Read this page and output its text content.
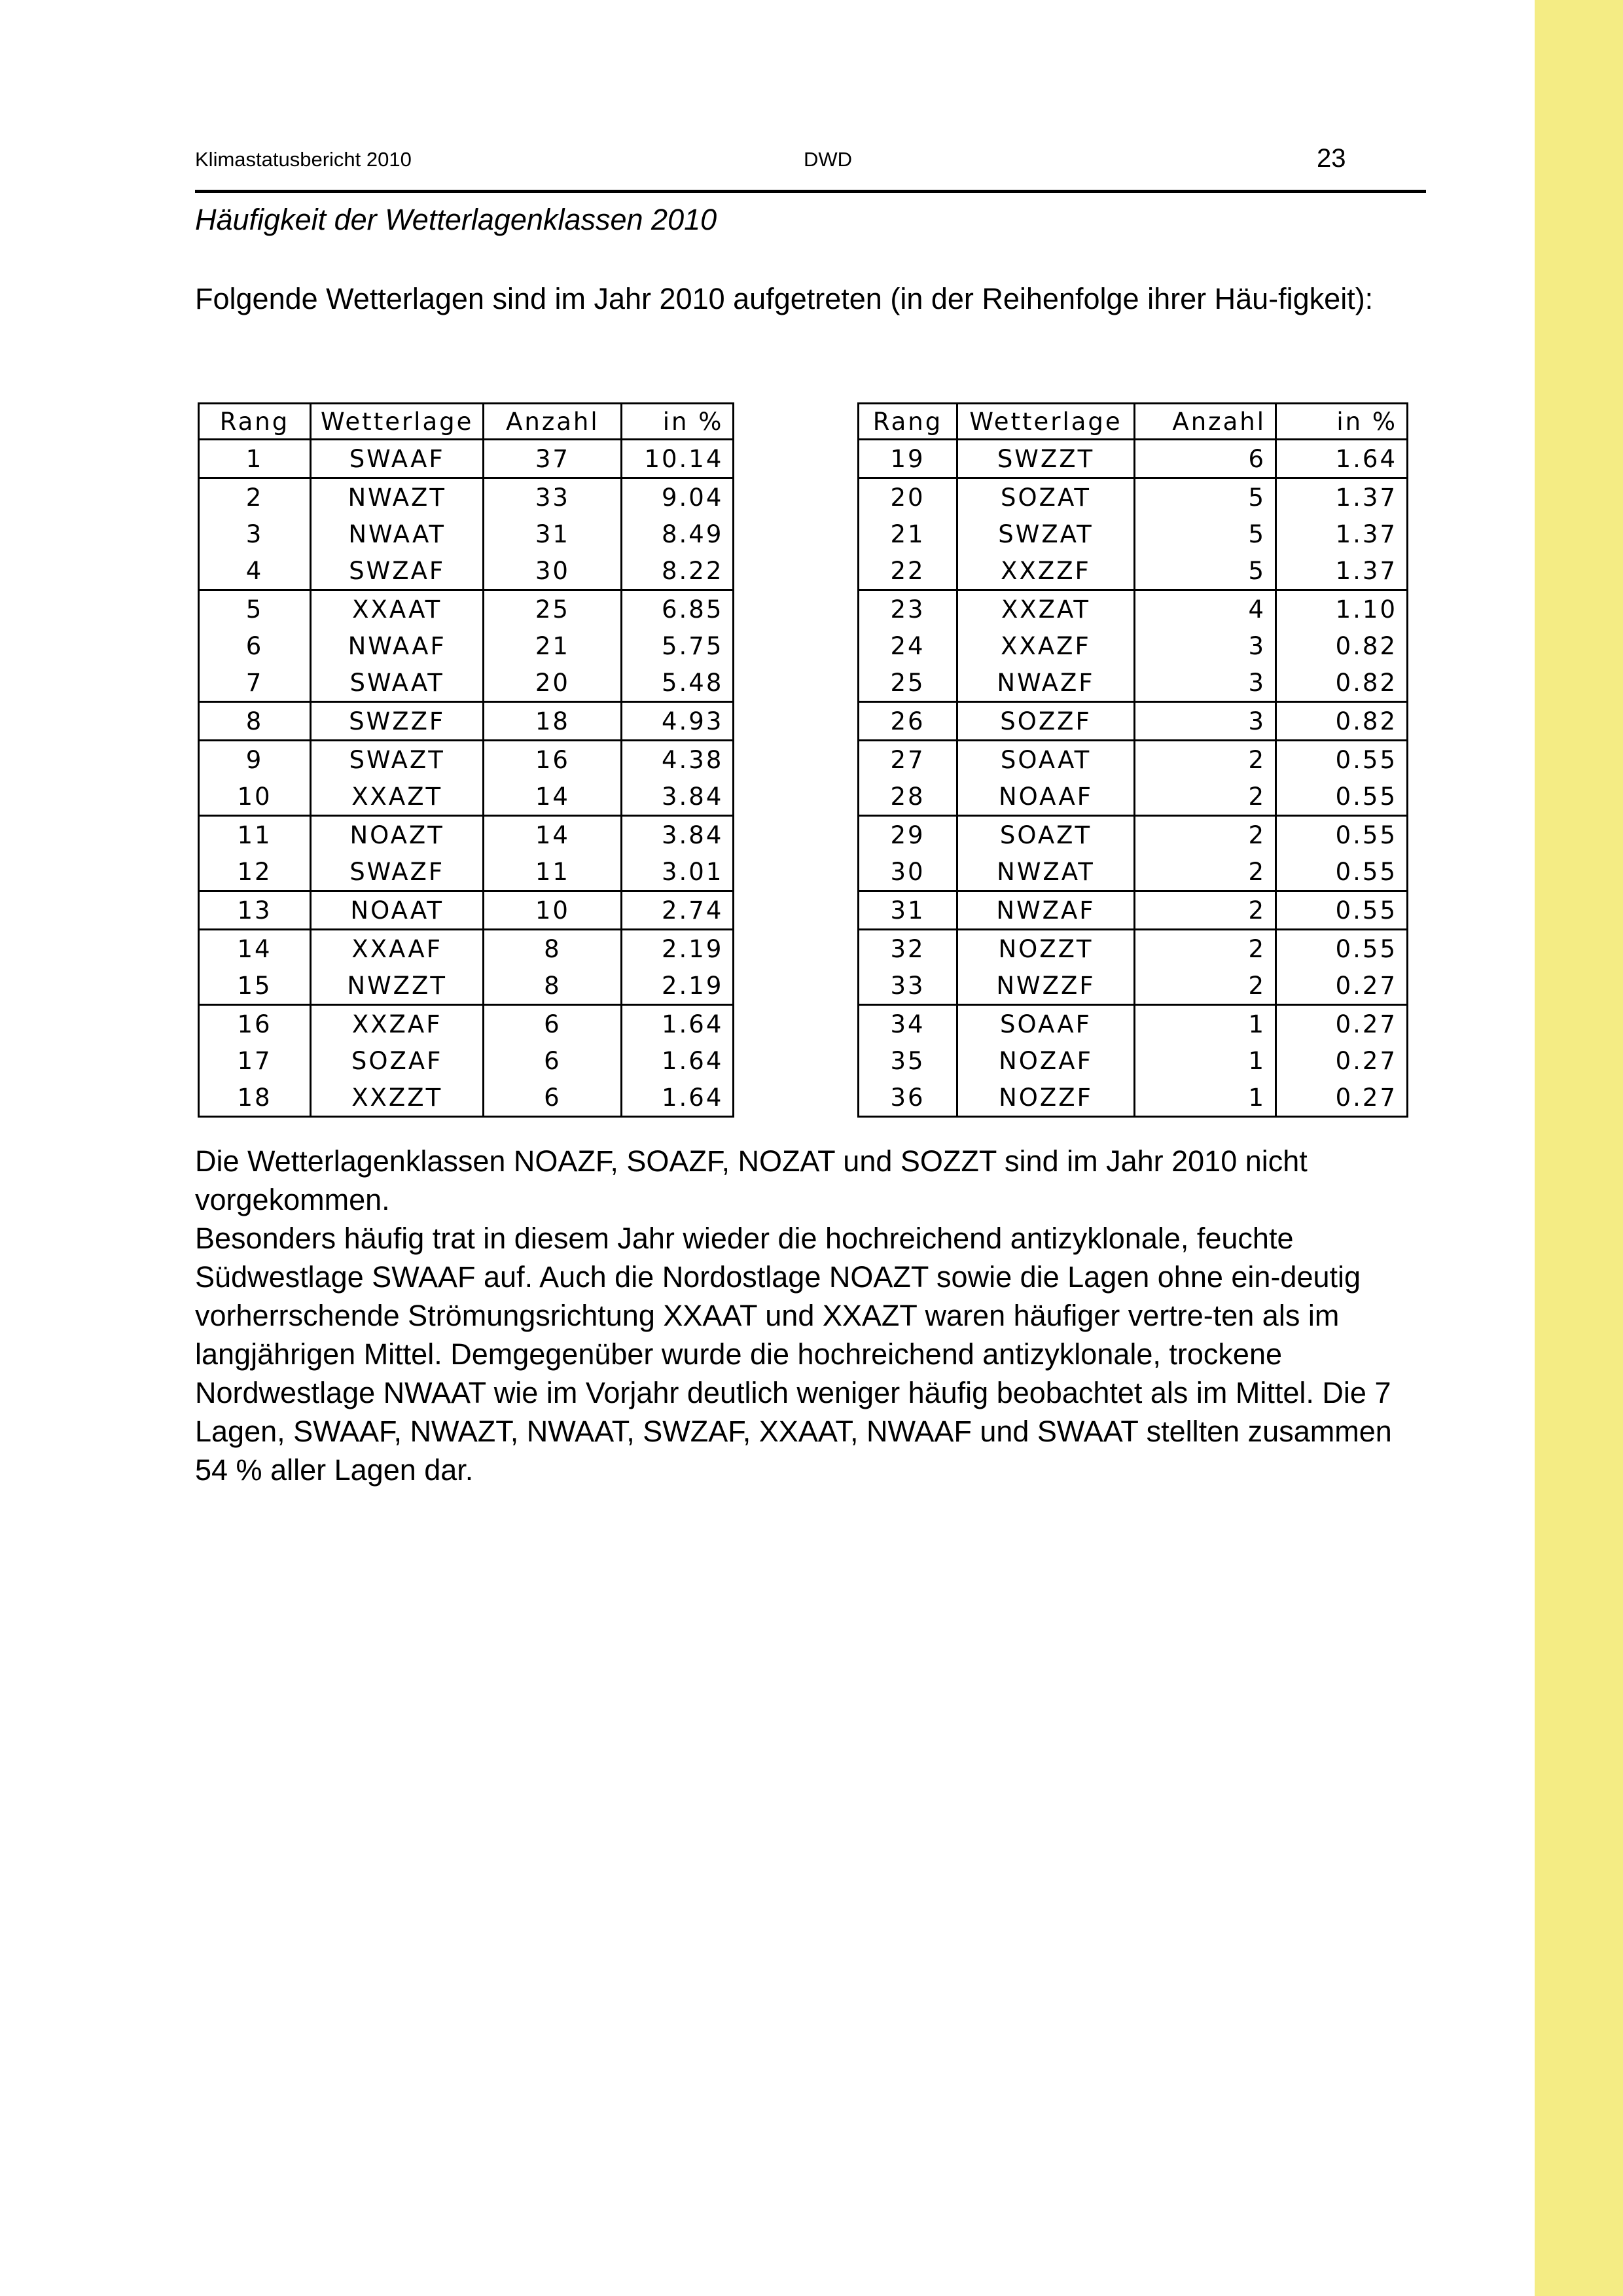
Klimastatusbericht 2010	DWD	23
Häufigkeit der Wetterlagenklassen 2010
Folgende Wetterlagen sind im Jahr 2010 aufgetreten (in der Reihenfolge ihrer Häu-figkeit):
Rang	Wetterlage	Anzahl	in %
1	SWAAF	37	10.14
2	NWAZT	33	9.04
3	NWAAT	31	8.49
4	SWZAF	30	8.22
5	XXAAT	25	6.85
6	NWAAF	21	5.75
7	SWAAT	20	5.48
8	SWZZF	18	4.93
9	SWAZT	16	4.38
10	XXAZT	14	3.84
11	NOAZT	14	3.84
12	SWAZF	11	3.01
13	NOAAT	10	2.74
14	XXAAF	8	2.19
15	NWZZT	8	2.19
16	XXZAF	6	1.64
17	SOZAF	6	1.64
18	XXZZT	6	1.64
Rang	Wetterlage	Anzahl	in %
19	SWZZT	6	1.64
20	SOZAT	5	1.37
21	SWZAT	5	1.37
22	XXZZF	5	1.37
23	XXZAT	4	1.10
24	XXAZF	3	0.82
25	NWAZF	3	0.82
26	SOZZF	3	0.82
27	SOAAT	2	0.55
28	NOAAF	2	0.55
29	SOAZT	2	0.55
30	NWZAT	2	0.55
31	NWZAF	2	0.55
32	NOZZT	2	0.55
33	NWZZF	2	0.27
34	SOAAF	1	0.27
35	NOZAF	1	0.27
36	NOZZF	1	0.27

Die Wetterlagenklassen NOAZF, SOAZF, NOZAT und SOZZT sind im Jahr 2010 nicht vorgekommen.

Besonders häufig trat in diesem Jahr wieder die hochreichend antizyklonale, feuchte Südwestlage SWAAF auf. Auch die Nordostlage NOAZT sowie die Lagen ohne ein-deutig vorherrschende Strömungsrichtung XXAAT und XXAZT waren häufiger vertre-ten als im langjährigen Mittel. Demgegenüber wurde die hochreichend antizyklonale, trockene Nordwestlage NWAAT wie im Vorjahr deutlich weniger häufig beobachtet als im Mittel. Die 7 Lagen, SWAAF, NWAZT, NWAAT, SWZAF, XXAAT, NWAAF und SWAAT stellten zusammen 54 % aller Lagen dar.
